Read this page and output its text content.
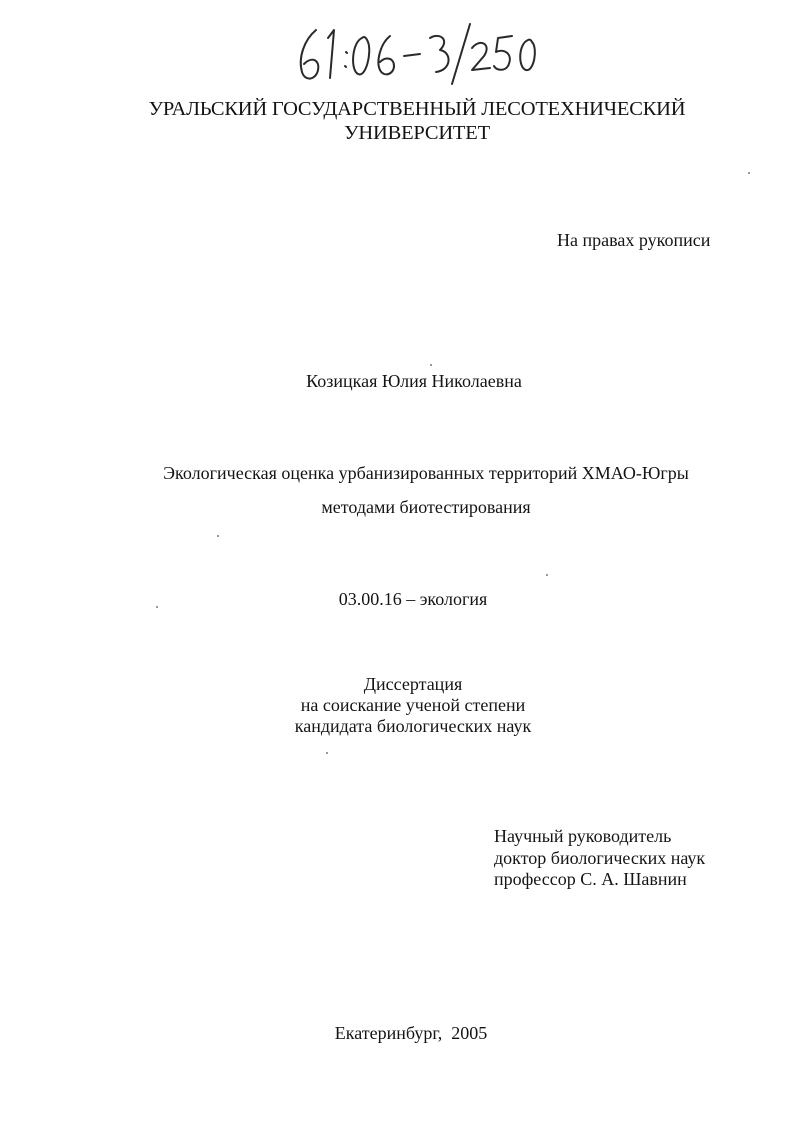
61:06-3/250
УРАЛЬСКИЙ ГОСУДАРСТВЕННЫЙ ЛЕСОТЕХНИЧЕСКИЙ
УНИВЕРСИТЕТ
На правах рукописи
Козицкая Юлия Николаевна
Экологическая оценка урбанизированных территорий ХМАО-Югры
методами биотестирования
03.00.16 – экология
Диссертация
на соискание ученой степени
кандидата биологических наук
Научный руководитель
доктор биологических наук
профессор С. А. Шавнин
Екатеринбург,  2005
